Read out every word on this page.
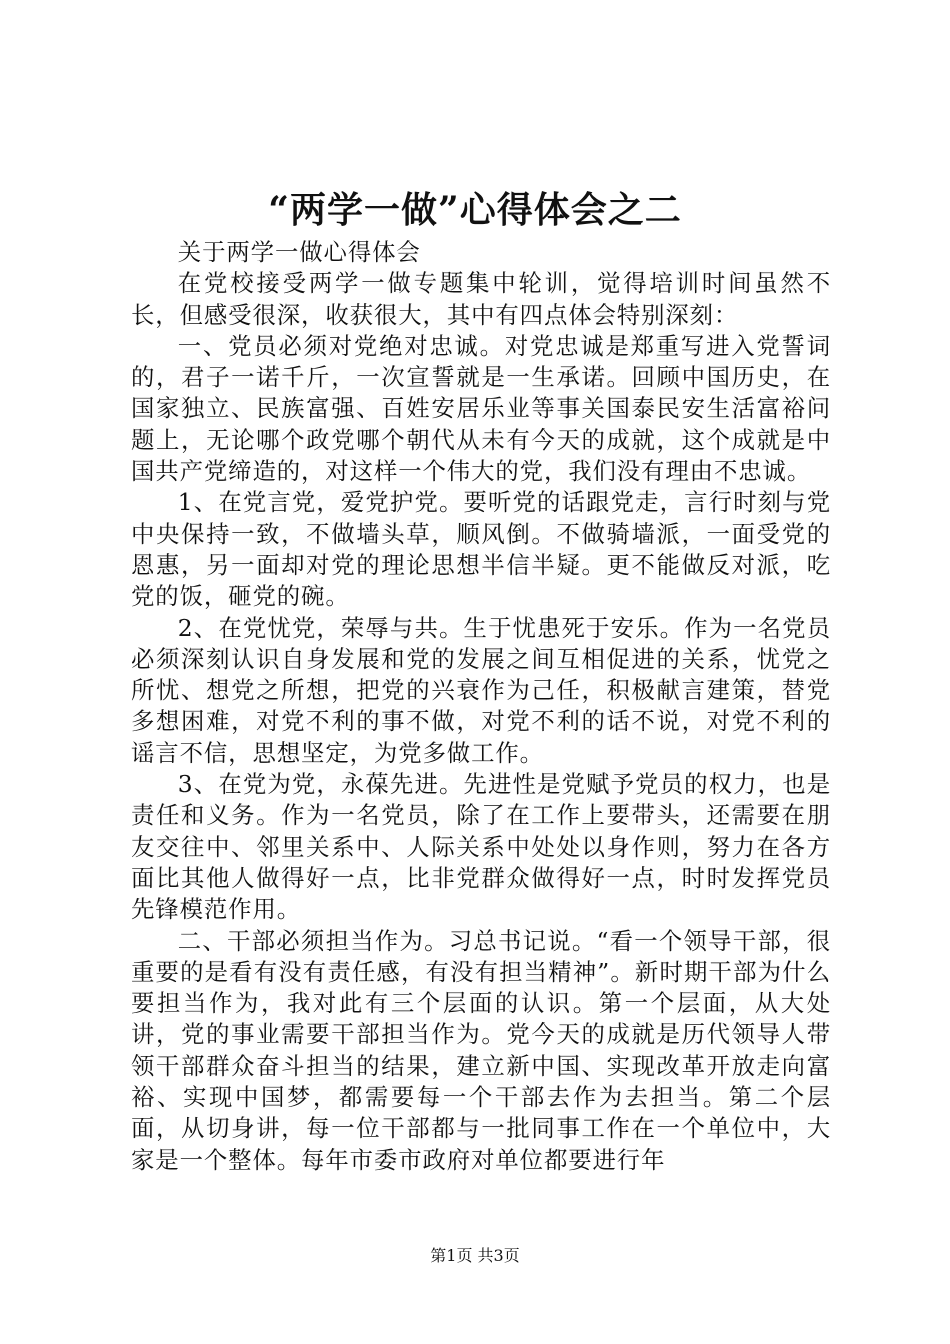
“两学一做”心得体会之二

关于两学一做心得体会

在党校接受两学一做专题集中轮训，觉得培训时间虽然不长，但感受很深，收获很大，其中有四点体会特别深刻：

一、党员必须对党绝对忠诚。对党忠诚是郑重写进入党誓词的，君子一诺千斤，一次宣誓就是一生承诺。回顾中国历史，在国家独立、民族富强、百姓安居乐业等事关国泰民安生活富裕问题上，无论哪个政党哪个朝代从未有今天的成就，这个成就是中国共产党缔造的，对这样一个伟大的党，我们没有理由不忠诚。

1、在党言党，爱党护党。要听党的话跟党走，言行时刻与党中央保持一致，不做墙头草，顺风倒。不做骑墙派，一面受党的恩惠，另一面却对党的理论思想半信半疑。更不能做反对派，吃党的饭，砸党的碗。

2、在党忧党，荣辱与共。生于忧患死于安乐。作为一名党员必须深刻认识自身发展和党的发展之间互相促进的关系，忧党之所忧、想党之所想，把党的兴衰作为己任，积极献言建策，替党多想困难，对党不利的事不做，对党不利的话不说，对党不利的谣言不信，思想坚定，为党多做工作。

3、在党为党，永葆先进。先进性是党赋予党员的权力，也是责任和义务。作为一名党员，除了在工作上要带头，还需要在朋友交往中、邻里关系中、人际关系中处处以身作则，努力在各方面比其他人做得好一点，比非党群众做得好一点，时时发挥党员先锋模范作用。

二、干部必须担当作为。习总书记说。“看一个领导干部，很重要的是看有没有责任感，有没有担当精神”。新时期干部为什么要担当作为，我对此有三个层面的认识。第一个层面，从大处讲，党的事业需要干部担当作为。党今天的成就是历代领导人带领干部群众奋斗担当的结果，建立新中国、实现改革开放走向富裕、实现中国梦，都需要每一个干部去作为去担当。第二个层面，从切身讲，每一位干部都与一批同事工作在一个单位中，大家是一个整体。每年市委市政府对单位都要进行年

第1页 共3页
